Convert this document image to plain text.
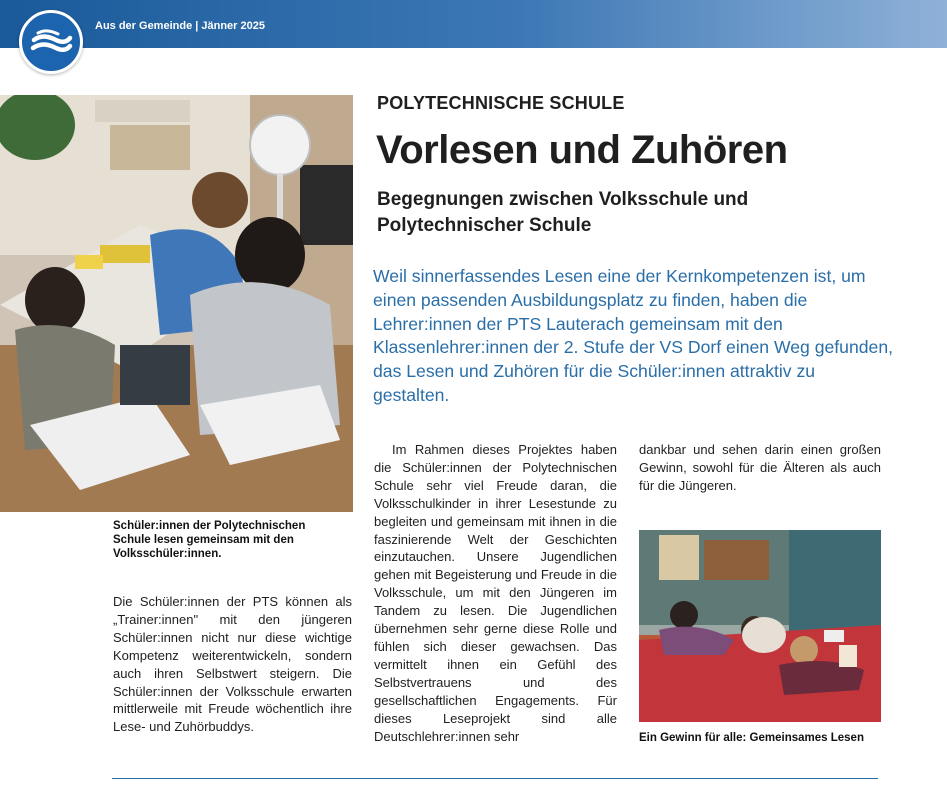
Aus der Gemeinde | Jänner 2025
Schüler:innen der Polytechnischen Schule lesen gemeinsam mit den Volksschüler:innen.
POLYTECHNISCHE SCHULE
Vorlesen und Zuhören
Begegnungen zwischen Volksschule und Polytechnischer Schule
Weil sinnerfassendes Lesen eine der Kernkompetenzen ist, um einen passenden Ausbildungsplatz zu finden, haben die Lehrer:innen der PTS Lauterach gemeinsam mit den Klassenlehrer:innen der 2. Stufe der VS Dorf einen Weg gefunden, das Lesen und Zuhören für die Schüler:innen attraktiv zu gestalten.

Die Schüler:innen der PTS können als „Trainer:innen" mit den jüngeren Schüler:innen nicht nur diese wichtige Kompetenz weiterentwickeln, sondern auch ihren Selbstwert steigern. Die Schüler:innen der Volksschule erwarten mittlerweile mit Freude wöchentlich ihre Lese- und Zuhörbuddys.

Im Rahmen dieses Projektes haben die Schüler:innen der Polytechnischen Schule sehr viel Freude daran, die Volksschulkinder in ihrer Lesestunde zu begleiten und gemeinsam mit ihnen in die faszinierende Welt der Geschichten einzutauchen. Unsere Jugendlichen gehen mit Begeisterung und Freude in die Volksschule, um mit den Jüngeren im Tandem zu lesen. Die Jugendlichen übernehmen sehr gerne diese Rolle und fühlen sich dieser gewachsen. Das vermittelt ihnen ein Gefühl des Selbstvertrauens und des gesellschaftlichen Engagements. Für dieses Leseprojekt sind alle Deutschlehrer:innen sehr

dankbar und sehen darin einen großen Gewinn, sowohl für die Älteren als auch für die Jüngeren.

Ein Gewinn für alle: Gemeinsames Lesen
